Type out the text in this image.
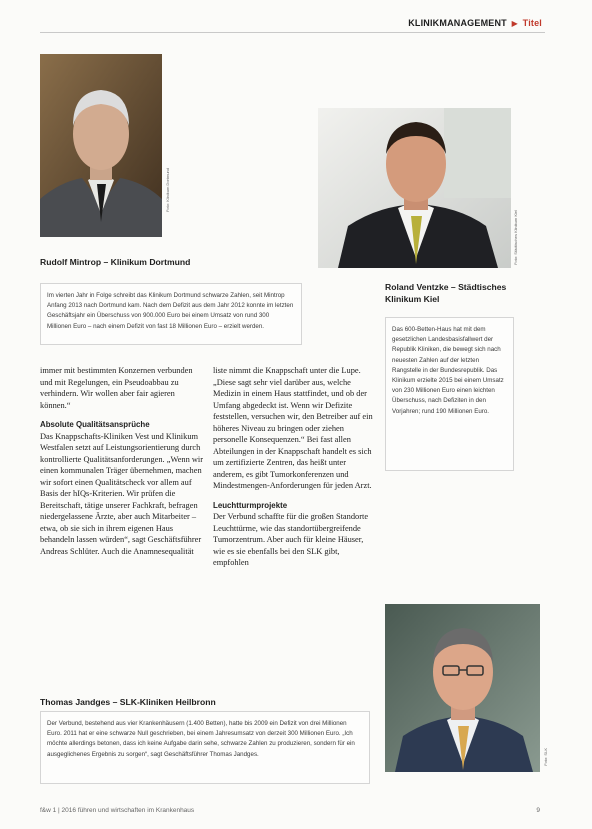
KLINIKMANAGEMENT ▶ Titel
Foto: Klinikum Dortmund
Rudolf Mintrop – Klinikum Dortmund
Im vierten Jahr in Folge schreibt das Klinikum Dortmund schwarze Zahlen, seit Mintrop Anfang 2013 nach Dortmund kam. Nach dem Defizit aus dem Jahr 2012 konnte im letzten Geschäftsjahr ein Überschuss von 900.000 Euro bei einem Umsatz von rund 300 Millionen Euro – nach einem Defizit von fast 18 Millionen Euro – erzielt werden.
Foto: Städtisches Klinikum Kiel
Roland Ventzke – Städtisches Klinikum Kiel
Das 600-Betten-Haus hat mit dem gesetzlichen Landesbasisfallwert der Republik Kliniken, die bewegt sich nach neuesten Zahlen auf der letzten Rangstelle in der Bundesrepublik. Das Klinikum erzielte 2015 bei einem Umsatz von 230 Millionen Euro einen leichten Überschuss, nach Defiziten in den Vorjahren; rund 190 Millionen Euro.

immer mit bestimmten Konzernen verbunden und mit Regelungen, ein Pseudoabbau zu verhindern. Wir wollen aber fair agieren können.“

Absolute Qualitätsansprüche

Das Knappschafts-Kliniken Vest und Klinikum Westfalen setzt auf Leistungsorientierung durch kontrollierte Qualitätsanforderungen. „Wenn wir einen kommunalen Träger übernehmen, machen wir sofort einen Qualitätscheck vor allem auf Basis der hIQs-Kriterien. Wir prüfen die Bereitschaft, tätige unserer Fachkraft, befragen niedergelassene Ärzte, aber auch Mitarbeiter – etwa, ob sie sich in ihrem eigenen Haus behandeln lassen würden“, sagt Geschäftsführer Andreas Schlüter. Auch die Anamnesequalität

liste nimmt die Knappschaft unter die Lupe. „Diese sagt sehr viel darüber aus, welche Medizin in einem Haus stattfindet, und ob der Umfang abgedeckt ist. Wenn wir Defizite feststellen, versuchen wir, den Betreiber auf ein höheres Niveau zu bringen oder ziehen personelle Konsequenzen.“ Bei fast allen Abteilungen in der Knappschaft handelt es sich um zertifizierte Zentren, das heißt unter anderem, es gibt Tumorkonferenzen und Mindestmengen-Anforderungen für jeden Arzt.

Leuchtturmprojekte

Der Verbund schaffte für die großen Standorte Leuchttürme, wie das standortübergreifende Tumorzentrum. Aber auch für kleine Häuser, wie es sie ebenfalls bei den SLK gibt, empfohlen

Foto: SLK
Thomas Jandges – SLK-Kliniken Heilbronn
Der Verbund, bestehend aus vier Krankenhäusern (1.400 Betten), hatte bis 2009 ein Defizit von drei Millionen Euro. 2011 hat er eine schwarze Null geschrieben, bei einem Jahresumsatz von derzeit 300 Millionen Euro. „Ich möchte allerdings betonen, dass ich keine Aufgabe darin sehe, schwarze Zahlen zu produzieren, sondern für ein ausgeglichenes Ergebnis zu sorgen“, sagt Geschäftsführer Thomas Jandges.
f&w 1 | 2016 führen und wirtschaften im Krankenhaus	9
